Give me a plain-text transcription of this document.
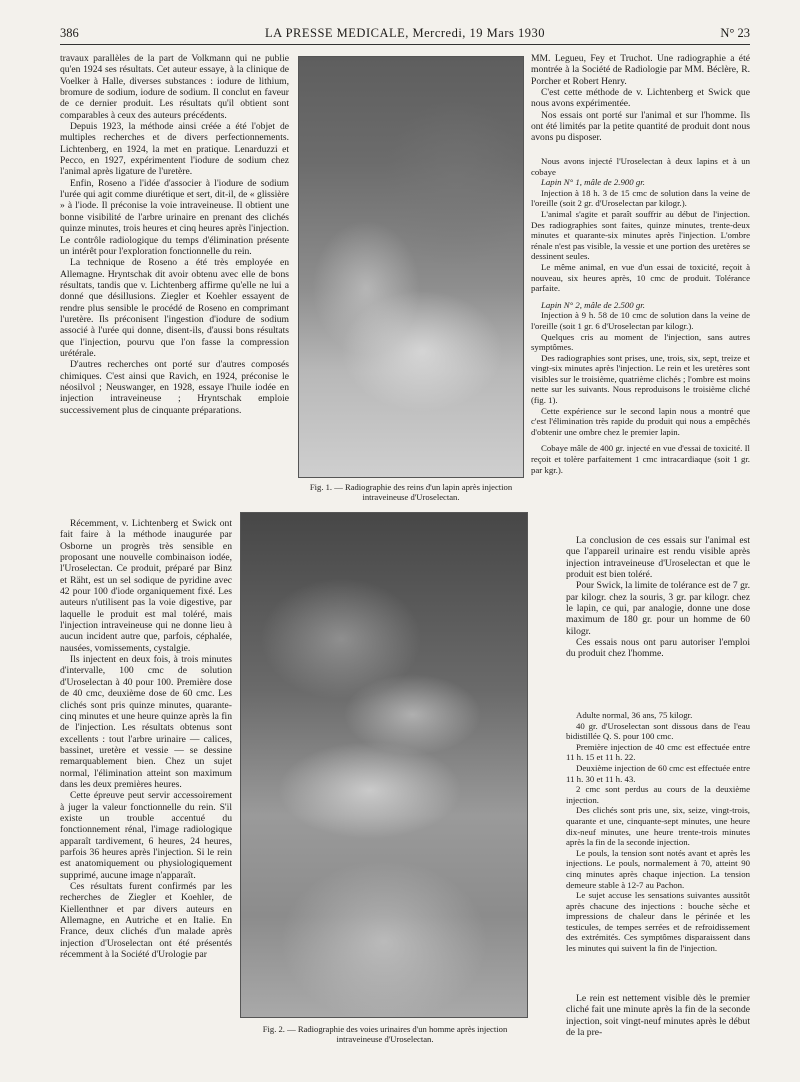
386	LA PRESSE MEDICALE, Mercredi, 19 Mars 1930	N° 23

travaux parallèles de la part de Volkmann qui ne publie qu'en 1924 ses résultats. Cet auteur essaye, à la clinique de Voelker à Halle, diverses substances : iodure de lithium, bromure de sodium, iodure de sodium. Il conclut en faveur de ce dernier produit. Les résultats qu'il obtient sont comparables à ceux des auteurs précédents.

Depuis 1923, la méthode ainsi créée a été l'objet de multiples recherches et de divers perfectionnements. Lichtenberg, en 1924, la met en pratique. Lenarduzzi et Pecco, en 1927, expérimentent l'iodure de sodium chez l'animal après ligature de l'uretère.

Enfin, Roseno a l'idée d'associer à l'iodure de sodium l'urée qui agit comme diurétique et sert, dit-il, de « glissière » à l'iode. Il préconise la voie intraveineuse. Il obtient une bonne visibilité de l'arbre urinaire en prenant des clichés quinze minutes, trois heures et cinq heures après l'injection. Le contrôle radiologique du temps d'élimination présente un intérêt pour l'exploration fonctionnelle du rein.

La technique de Roseno a été très employée en Allemagne. Hryntschak dit avoir obtenu avec elle de bons résultats, tandis que v. Lichtenberg affirme qu'elle ne lui a donné que désillusions. Ziegler et Koehler essayent de rendre plus sensible le procédé de Roseno en comprimant l'uretère. Ils préconisent l'ingestion d'iodure de sodium associé à l'urée qui donne, disent-ils, d'aussi bons résultats que l'injection, pourvu que l'on fasse la compression urétérale.

D'autres recherches ont porté sur d'autres composés chimiques. C'est ainsi que Ravich, en 1924, préconise le néosilvol ; Neuswanger, en 1928, essaye l'huile iodée en injection intraveineuse ; Hryntschak emploie successivement plus de cinquante préparations.

Récemment, v. Lichtenberg et Swick ont fait faire à la méthode inaugurée par Osborne un progrès très sensible en proposant une nouvelle combinaison iodée, l'Uroselectan. Ce produit, préparé par Binz et Räht, est un sel sodique de pyridine avec 42 pour 100 d'iode organiquement fixé. Les auteurs n'utilisent pas la voie digestive, par laquelle le produit est mal toléré, mais l'injection intraveineuse qui ne donne lieu à aucun incident autre que, parfois, céphalée, nausées, vomissements, cystalgie.

Ils injectent en deux fois, à trois minutes d'intervalle, 100 cmc de solution d'Uroselectan à 40 pour 100. Première dose de 40 cmc, deuxième dose de 60 cmc. Les clichés sont pris quinze minutes, quarante-cinq minutes et une heure quinze après la fin de l'injection. Les résultats obtenus sont excellents : tout l'arbre urinaire — calices, bassinet, uretère et vessie — se dessine remarquablement bien. Chez un sujet normal, l'élimination atteint son maximum dans les deux premières heures.

Cette épreuve peut servir accessoirement à juger la valeur fonctionnelle du rein. S'il existe un trouble accentué du fonctionnement rénal, l'image radiologique apparaît tardivement, 6 heures, 24 heures, parfois 36 heures après l'injection. Si le rein est anatomiquement ou physiologiquement supprimé, aucune image n'apparaît.

Ces résultats furent confirmés par les recherches de Ziegler et Koehler, de Kiellenthner et par divers auteurs en Allemagne, en Autriche et en Italie. En France, deux clichés d'un malade après injection d'Uroselectan ont été présentés récemment à la Société d'Urologie par

Fig. 1. — Radiographie des reins d'un lapin après injection intraveineuse d'Uroselectan.
Fig. 2. — Radiographie des voies urinaires d'un homme après injection intraveineuse d'Uroselectan.

MM. Legueu, Fey et Truchot. Une radiographie a été montrée à la Société de Radiologie par MM. Béclère, R. Porcher et Robert Henry.

C'est cette méthode de v. Lichtenberg et Swick que nous avons expérimentée.

Nos essais ont porté sur l'animal et sur l'homme. Ils ont été limités par la petite quantité de produit dont nous avons pu disposer.

Nous avons injecté l'Uroselectan à deux lapins et à un cobaye

Lapin N° 1, mâle de 2.900 gr.

Injection à 18 h. 3 de 15 cmc de solution dans la veine de l'oreille (soit 2 gr. d'Uroselectan par kilogr.).

L'animal s'agite et paraît souffrir au début de l'injection. Des radiographies sont faites, quinze minutes, trente-deux minutes et quarante-six minutes après l'injection. L'ombre rénale n'est pas visible, la vessie et une portion des uretères se dessinent seules.

Le même animal, en vue d'un essai de toxicité, reçoit à nouveau, six heures après, 10 cmc de produit. Tolérance parfaite.

Lapin N° 2, mâle de 2.500 gr.

Injection à 9 h. 58 de 10 cmc de solution dans la veine de l'oreille (soit 1 gr. 6 d'Uroselectan par kilogr.).

Quelques cris au moment de l'injection, sans autres symptômes.

Des radiographies sont prises, une, trois, six, sept, treize et vingt-six minutes après l'injection. Le rein et les uretères sont visibles sur le troisième, quatrième clichés ; l'ombre est moins nette sur les suivants. Nous reproduisons le troisième cliché (fig. 1).

Cette expérience sur le second lapin nous a montré que c'est l'élimination très rapide du produit qui nous a empêchés d'obtenir une ombre chez le premier lapin.

Cobaye mâle de 400 gr. injecté en vue d'essai de toxicité. Il reçoit et tolère parfaitement 1 cmc intracardiaque (soit 1 gr. par kgr.).

La conclusion de ces essais sur l'animal est que l'appareil urinaire est rendu visible après injection intraveineuse d'Uroselectan et que le produit est bien toléré.

Pour Swick, la limite de tolérance est de 7 gr. par kilogr. chez la souris, 3 gr. par kilogr. chez le lapin, ce qui, par analogie, donne une dose maximum de 180 gr. pour un homme de 60 kilogr.

Ces essais nous ont paru autoriser l'emploi du produit chez l'homme.

Adulte normal, 36 ans, 75 kilogr.

40 gr. d'Uroselectan sont dissous dans de l'eau bidistillée Q. S. pour 100 cmc.

Première injection de 40 cmc est effectuée entre 11 h. 15 et 11 h. 22.

Deuxième injection de 60 cmc est effectuée entre 11 h. 30 et 11 h. 43.

2 cmc sont perdus au cours de la deuxième injection.

Des clichés sont pris une, six, seize, vingt-trois, quarante et une, cinquante-sept minutes, une heure dix-neuf minutes, une heure trente-trois minutes après la fin de la seconde injection.

Le pouls, la tension sont notés avant et après les injections. Le pouls, normalement à 70, atteint 90 cinq minutes après chaque injection. La tension demeure stable à 12-7 au Pachon.

Le sujet accuse les sensations suivantes aussitôt après chacune des injections : bouche sèche et impressions de chaleur dans le périnée et les testicules, de tempes serrées et de refroidissement des extrémités. Ces symptômes disparaissent dans les minutes qui suivent la fin de l'injection.

Le rein est nettement visible dès le premier cliché fait une minute après la fin de la seconde injection, soit vingt-neuf minutes après le début de la pre-
